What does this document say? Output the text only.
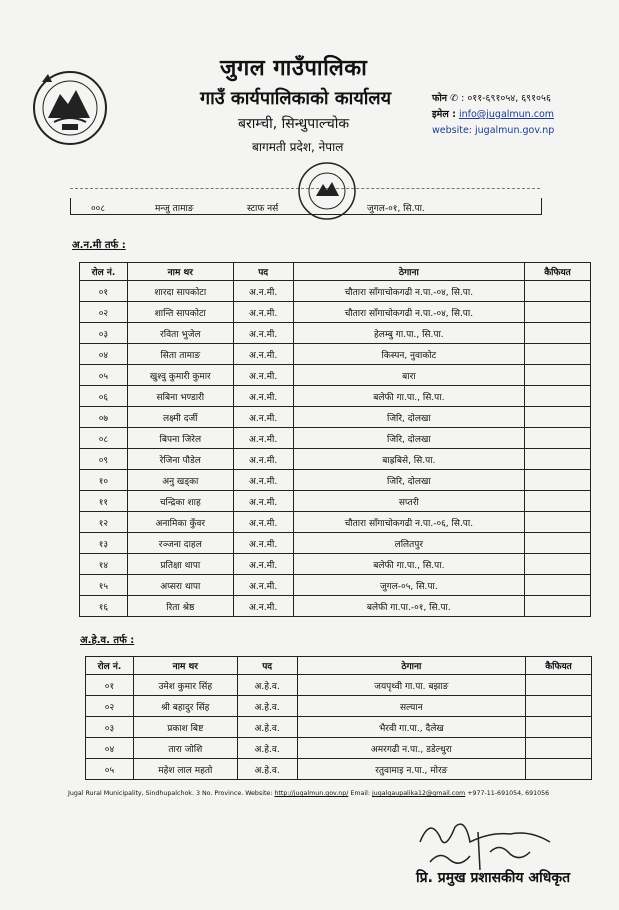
जुगल गाउँपालिका
गाउँ कार्यपालिकाको कार्यालय
बराम्ची, सिन्धुपाल्चोक
बागमती प्रदेश, नेपाल
फोन ✆ : ०११-६९१०५४, ६९१०५६
इमेल : info@jugalmun.com
website: jugalmun.gov.np
००८	मन्जु तामाङ	स्टाफ नर्स	जुगल-०१, सि.पा.
अ.न.मी तर्फ :
रोल नं.	नाम थर	पद	ठेगाना	कैफियत
०१	शारदा सापकोटा	अ.न.मी.	चौतारा साँगाचोकगढी न.पा.-०४, सि.पा.	
०२	शान्ति सापकोटा	अ.न.मी.	चौतारा साँगाचोकगढी न.पा.-०४, सि.पा.	
०३	रविता भुजेल	अ.न.मी.	हेलम्बु गा.पा., सि.पा.	
०४	सिता तामाङ	अ.न.मी.	किस्पन, नुवाकोट	
०५	खुश्वु कुमारी कुमार	अ.न.मी.	बारा	
०६	सबिना भण्डारी	अ.न.मी.	बलेफी गा.पा., सि.पा.	
०७	लक्ष्मी दर्जी	अ.न.मी.	जिरि, दोलखा	
०८	बिपना जिरेल	अ.न.मी.	जिरि, दोलखा	
०९	रेजिना पौडेल	अ.न.मी.	बाह्रबिसे, सि.पा.	
१०	अनु खड्का	अ.न.मी.	जिरि, दोलखा	
११	चन्द्रिका शाह	अ.न.मी.	सप्तरी	
१२	अनामिका कुँवर	अ.न.मी.	चौतारा साँगाचोकगढी न.पा.-०६, सि.पा.	
१३	रञ्जना दाहल	अ.न.मी.	ललितपुर	
१४	प्रतिक्षा थापा	अ.न.मी.	बलेफी गा.पा., सि.पा.	
१५	अप्सरा थापा	अ.न.मी.	जुगल-०५, सि.पा.	
१६	रिता श्रेष्ठ	अ.न.मी.	बलेफी गा.पा.-०१, सि.पा.	
अ.हे.व. तर्फ :
रोल नं.	नाम थर	पद	ठेगाना	कैफियत
०१	उमेश कुमार सिंह	अ.हे.व.	जयपृथ्वी गा.पा. बझाङ	
०२	श्री बहादुर सिंह	अ.हे.व.	सल्यान	
०३	प्रकाश बिष्ट	अ.हे.व.	भैरवी गा.पा., दैलेख	
०४	तारा जोशि	अ.हे.व.	अमरगढी न.पा., डडेल्धुरा	
०५	महेश लाल महतो	अ.हे.व.	रतुवामाइ न.पा., मोरङ	
Jugal Rural Municipality, Sindhupalchok. 3 No. Province. Website: http://jugalmun.gov.np/ Email: jugalgaupalika12@gmail.com +977-11-691054, 691056
प्रि. प्रमुख प्रशासकीय अधिकृत
